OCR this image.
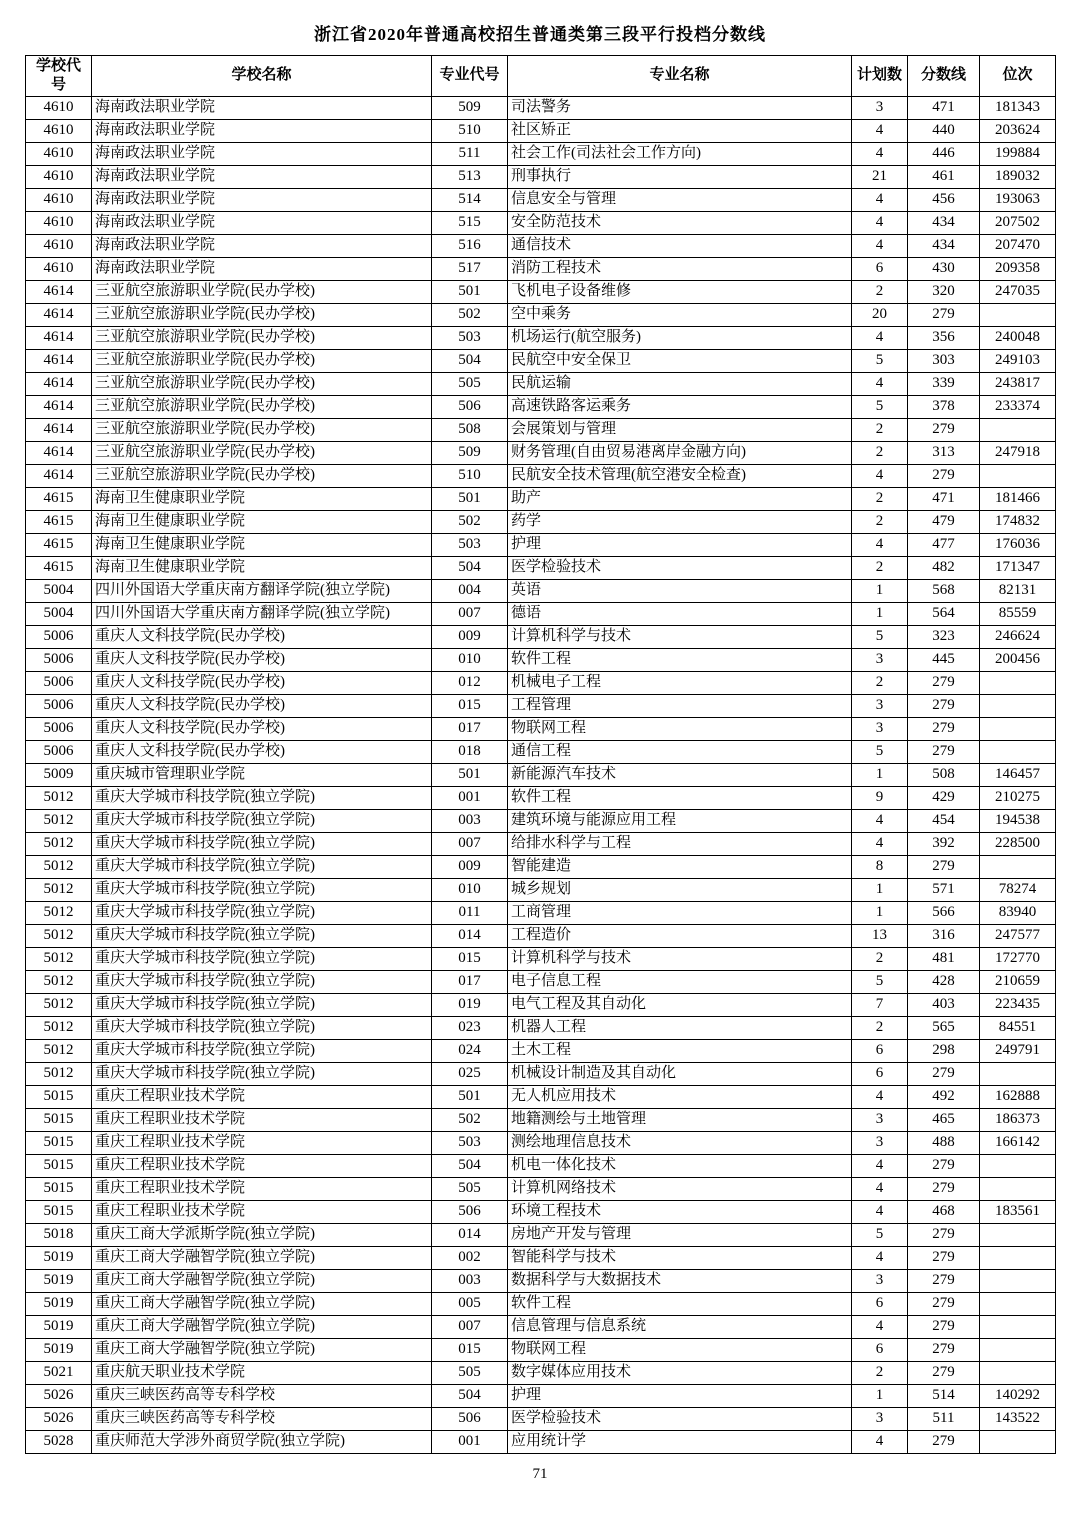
浙江省2020年普通高校招生普通类第三段平行投档分数线
学校代号	学校名称	专业代号	专业名称	计划数	分数线	位次
4610	海南政法职业学院	509	司法警务	3	471	181343
4610	海南政法职业学院	510	社区矫正	4	440	203624
4610	海南政法职业学院	511	社会工作(司法社会工作方向)	4	446	199884
4610	海南政法职业学院	513	刑事执行	21	461	189032
4610	海南政法职业学院	514	信息安全与管理	4	456	193063
4610	海南政法职业学院	515	安全防范技术	4	434	207502
4610	海南政法职业学院	516	通信技术	4	434	207470
4610	海南政法职业学院	517	消防工程技术	6	430	209358
4614	三亚航空旅游职业学院(民办学校)	501	飞机电子设备维修	2	320	247035
4614	三亚航空旅游职业学院(民办学校)	502	空中乘务	20	279	
4614	三亚航空旅游职业学院(民办学校)	503	机场运行(航空服务)	4	356	240048
4614	三亚航空旅游职业学院(民办学校)	504	民航空中安全保卫	5	303	249103
4614	三亚航空旅游职业学院(民办学校)	505	民航运输	4	339	243817
4614	三亚航空旅游职业学院(民办学校)	506	高速铁路客运乘务	5	378	233374
4614	三亚航空旅游职业学院(民办学校)	508	会展策划与管理	2	279	
4614	三亚航空旅游职业学院(民办学校)	509	财务管理(自由贸易港离岸金融方向)	2	313	247918
4614	三亚航空旅游职业学院(民办学校)	510	民航安全技术管理(航空港安全检查)	4	279	
4615	海南卫生健康职业学院	501	助产	2	471	181466
4615	海南卫生健康职业学院	502	药学	2	479	174832
4615	海南卫生健康职业学院	503	护理	4	477	176036
4615	海南卫生健康职业学院	504	医学检验技术	2	482	171347
5004	四川外国语大学重庆南方翻译学院(独立学院)	004	英语	1	568	82131
5004	四川外国语大学重庆南方翻译学院(独立学院)	007	德语	1	564	85559
5006	重庆人文科技学院(民办学校)	009	计算机科学与技术	5	323	246624
5006	重庆人文科技学院(民办学校)	010	软件工程	3	445	200456
5006	重庆人文科技学院(民办学校)	012	机械电子工程	2	279	
5006	重庆人文科技学院(民办学校)	015	工程管理	3	279	
5006	重庆人文科技学院(民办学校)	017	物联网工程	3	279	
5006	重庆人文科技学院(民办学校)	018	通信工程	5	279	
5009	重庆城市管理职业学院	501	新能源汽车技术	1	508	146457
5012	重庆大学城市科技学院(独立学院)	001	软件工程	9	429	210275
5012	重庆大学城市科技学院(独立学院)	003	建筑环境与能源应用工程	4	454	194538
5012	重庆大学城市科技学院(独立学院)	007	给排水科学与工程	4	392	228500
5012	重庆大学城市科技学院(独立学院)	009	智能建造	8	279	
5012	重庆大学城市科技学院(独立学院)	010	城乡规划	1	571	78274
5012	重庆大学城市科技学院(独立学院)	011	工商管理	1	566	83940
5012	重庆大学城市科技学院(独立学院)	014	工程造价	13	316	247577
5012	重庆大学城市科技学院(独立学院)	015	计算机科学与技术	2	481	172770
5012	重庆大学城市科技学院(独立学院)	017	电子信息工程	5	428	210659
5012	重庆大学城市科技学院(独立学院)	019	电气工程及其自动化	7	403	223435
5012	重庆大学城市科技学院(独立学院)	023	机器人工程	2	565	84551
5012	重庆大学城市科技学院(独立学院)	024	土木工程	6	298	249791
5012	重庆大学城市科技学院(独立学院)	025	机械设计制造及其自动化	6	279	
5015	重庆工程职业技术学院	501	无人机应用技术	4	492	162888
5015	重庆工程职业技术学院	502	地籍测绘与土地管理	3	465	186373
5015	重庆工程职业技术学院	503	测绘地理信息技术	3	488	166142
5015	重庆工程职业技术学院	504	机电一体化技术	4	279	
5015	重庆工程职业技术学院	505	计算机网络技术	4	279	
5015	重庆工程职业技术学院	506	环境工程技术	4	468	183561
5018	重庆工商大学派斯学院(独立学院)	014	房地产开发与管理	5	279	
5019	重庆工商大学融智学院(独立学院)	002	智能科学与技术	4	279	
5019	重庆工商大学融智学院(独立学院)	003	数据科学与大数据技术	3	279	
5019	重庆工商大学融智学院(独立学院)	005	软件工程	6	279	
5019	重庆工商大学融智学院(独立学院)	007	信息管理与信息系统	4	279	
5019	重庆工商大学融智学院(独立学院)	015	物联网工程	6	279	
5021	重庆航天职业技术学院	505	数字媒体应用技术	2	279	
5026	重庆三峡医药高等专科学校	504	护理	1	514	140292
5026	重庆三峡医药高等专科学校	506	医学检验技术	3	511	143522
5028	重庆师范大学涉外商贸学院(独立学院)	001	应用统计学	4	279	
71
